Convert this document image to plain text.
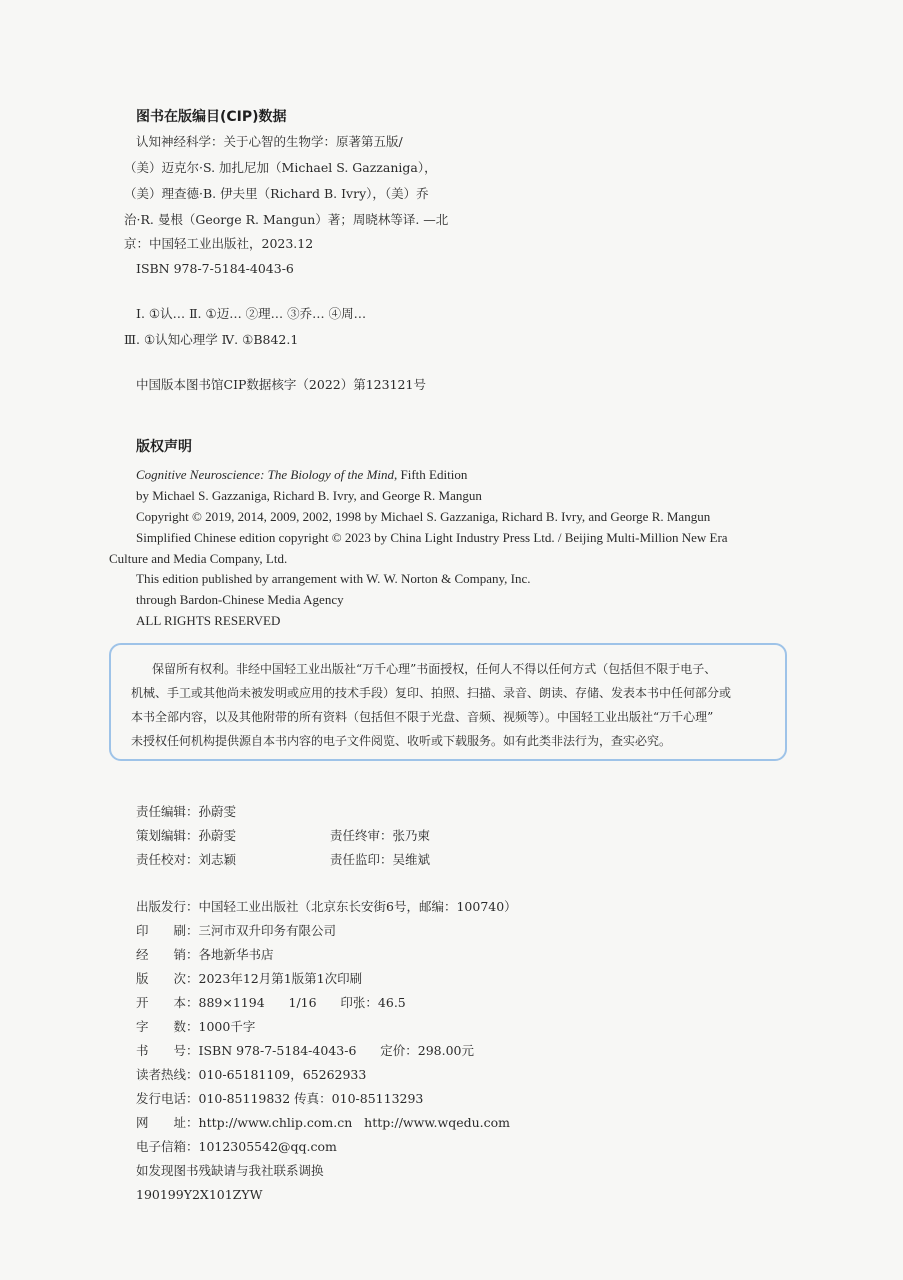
图书在版编目(CIP)数据
认知神经科学：关于心智的生物学：原著第五版/
（美）迈克尔·S. 加扎尼加（Michael S. Gazzaniga），
（美）理查德·B. 伊夫里（Richard B. Ivry），（美）乔
治·R. 曼根（George R. Mangun）著；周晓林等译. —北
京：中国轻工业出版社，2023.12
ISBN 978-7-5184-4043-6
Ⅰ. ①认… Ⅱ. ①迈… ②理… ③乔… ④周…
Ⅲ. ①认知心理学 Ⅳ. ①B842.1
中国版本图书馆CIP数据核字（2022）第123121号
版权声明
Cognitive Neuroscience: The Biology of the Mind, Fifth Edition
by Michael S. Gazzaniga, Richard B. Ivry, and George R. Mangun
Copyright © 2019, 2014, 2009, 2002, 1998 by Michael S. Gazzaniga, Richard B. Ivry, and George R. Mangun
Simplified Chinese edition copyright © 2023 by China Light Industry Press Ltd. / Beijing Multi-Million New Era
Culture and Media Company, Ltd.
This edition published by arrangement with W. W. Norton & Company, Inc.
through Bardon-Chinese Media Agency
ALL RIGHTS RESERVED
保留所有权利。非经中国轻工业出版社“万千心理”书面授权，任何人不得以任何方式（包括但不限于电子、
机械、手工或其他尚未被发明或应用的技术手段）复印、拍照、扫描、录音、朗读、存储、发表本书中任何部分或
本书全部内容，以及其他附带的所有资料（包括但不限于光盘、音频、视频等）。中国轻工业出版社“万千心理”
未授权任何机构提供源自本书内容的电子文件阅览、收听或下载服务。如有此类非法行为，查实必究。
责任编辑：孙蔚雯
策划编辑：孙蔚雯	责任终审：张乃柬
责任校对：刘志颖	责任监印：吴维斌
出版发行：中国轻工业出版社（北京东长安街6号，邮编：100740）
印　　刷：三河市双升印务有限公司
经　　销：各地新华书店
版　　次：2023年12月第1版第1次印刷
开　　本：889×1194      1/16      印张：46.5
字　　数：1000千字
书　　号：ISBN 978-7-5184-4043-6      定价：298.00元
读者热线：010-65181109，65262933
发行电话：010-85119832 传真：010-85113293
网　　址：http://www.chlip.com.cn   http://www.wqedu.com
电子信箱：1012305542@qq.com
如发现图书残缺请与我社联系调换
190199Y2X101ZYW
